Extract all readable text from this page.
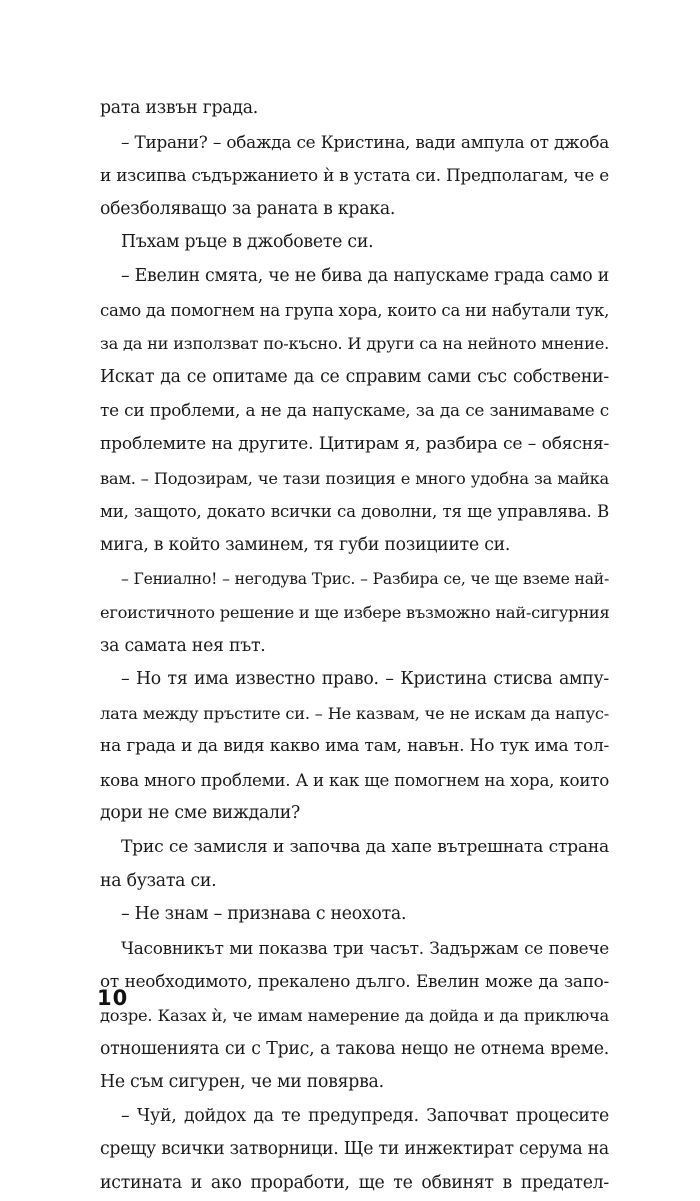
рата извън града.
– Тирани? – обажда се Кристина, вади ампула от джоба
и изсипва съдържанието ѝ в устата си. Предполагам, че е
обезболяващо за раната в крака.
Пъхам ръце в джобовете си.
– Евелин смята, че не бива да напускаме града само и
само да помогнем на група хора, които са ни набутали тук,
за да ни използват по-късно. И други са на нейното мнение.
Искат да се опитаме да се справим сами със собствени-
те си проблеми, а не да напускаме, за да се занимаваме с
проблемите на другите. Цитирам я, разбира се – обясня-
вам. – Подозирам, че тази позиция е много удобна за майка
ми, защото, докато всички са доволни, тя ще управлява. В
мига, в който заминем, тя губи позициите си.
– Гениално! – негодува Трис. – Разбира се, че ще вземе най-
егоистичното решение и ще избере възможно най-сигурния
за самата нея път.
– Но тя има известно право. – Кристина стисва ампу-
лата между пръстите си. – Не казвам, че не искам да напус-
на града и да видя какво има там, навън. Но тук има тол-
кова много проблеми. А и как ще помогнем на хора, които
дори не сме виждали?
Трис се замисля и започва да хапе вътрешната страна
на бузата си.
– Не знам – признава с неохота.
Часовникът ми показва три часът. Задържам се повече
от необходимото, прекалено дълго. Евелин може да запо-
дозре. Казах ѝ, че имам намерение да дойда и да приключа
отношенията си с Трис, а такова нещо не отнема време.
Не съм сигурен, че ми повярва.
– Чуй, дойдох да те предупредя. Започват процесите
срещу всички затворници. Ще ти инжектират серума на
истината и ако проработи, ще те обвинят в предател-
10
